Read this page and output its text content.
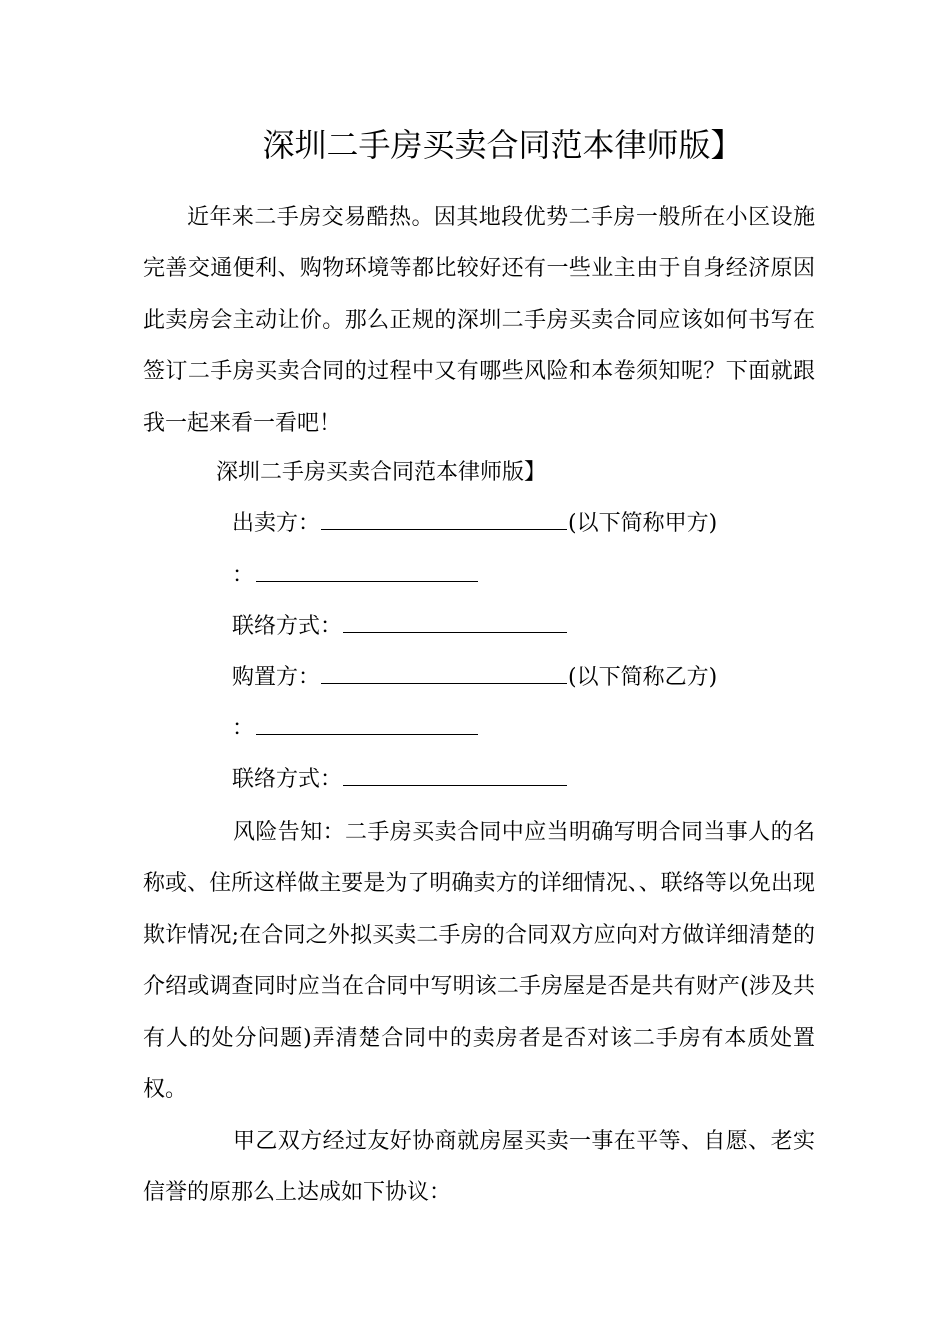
深圳二手房买卖合同范本律师版】

近年来二手房交易酷热。因其地段优势二手房一般所在小区设施完善交通便利、购物环境等都比较好还有一些业主由于自身经济原因此卖房会主动让价。那么正规的深圳二手房买卖合同应该如何书写在签订二手房买卖合同的过程中又有哪些风险和本卷须知呢？下面就跟我一起来看一看吧！

深圳二手房买卖合同范本律师版】

出卖方：	(以下简称甲方)

：

联络方式：

购置方：	(以下简称乙方)

：

联络方式：

风险告知：二手房买卖合同中应当明确写明合同当事人的名称或、住所这样做主要是为了明确卖方的详细情况、、联络等以免出现欺诈情况;在合同之外拟买卖二手房的合同双方应向对方做详细清楚的介绍或调查同时应当在合同中写明该二手房屋是否是共有财产(涉及共有人的处分问题)弄清楚合同中的卖房者是否对该二手房有本质处置权。

甲乙双方经过友好协商就房屋买卖一事在平等、自愿、老实信誉的原那么上达成如下协议：
